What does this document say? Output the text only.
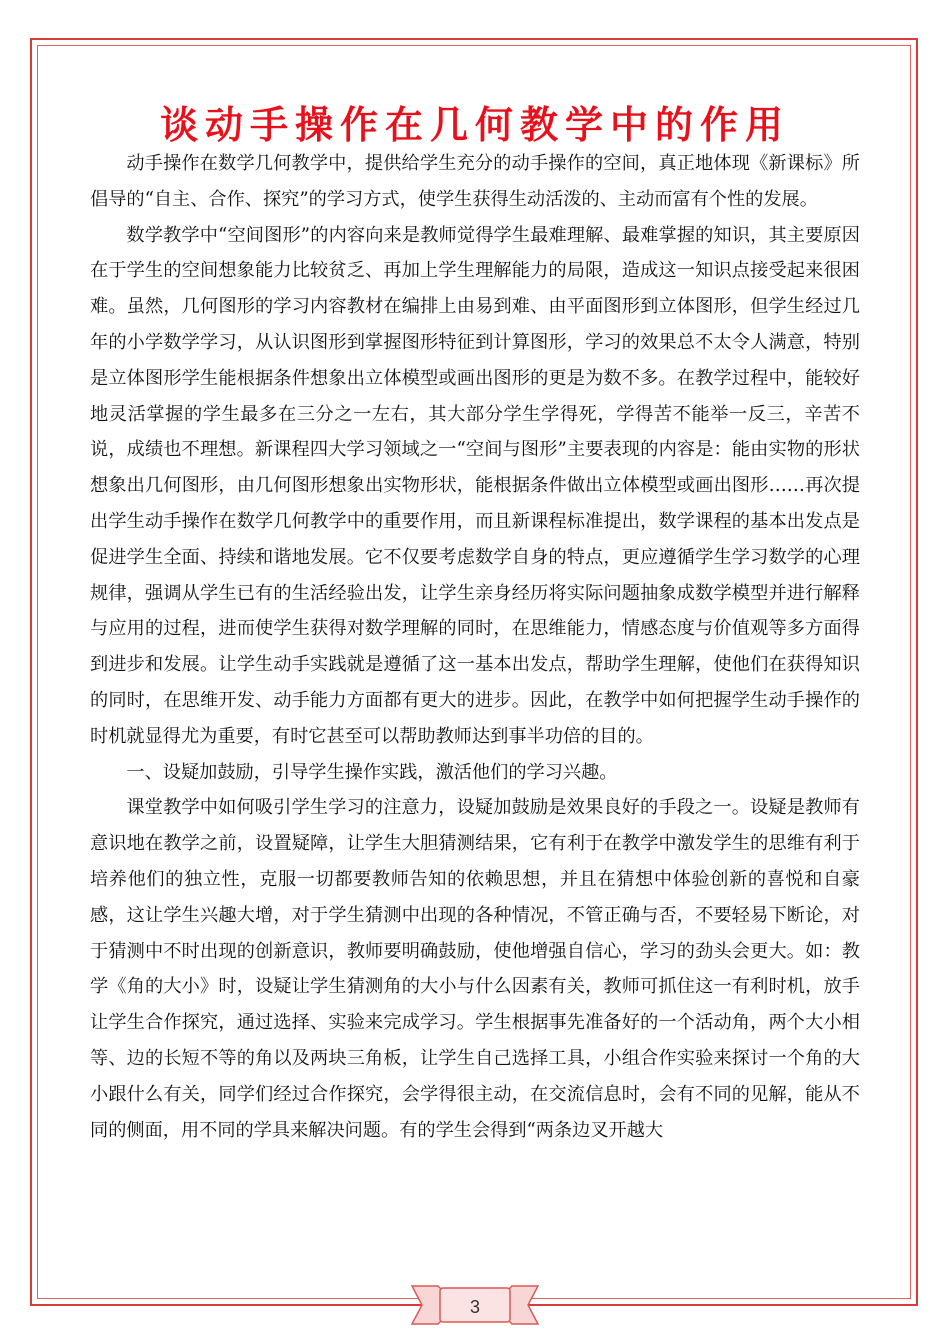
谈动手操作在几何教学中的作用

动手操作在数学几何教学中，提供给学生充分的动手操作的空间，真正地体现《新课标》所倡导的“自主、合作、探究”的学习方式，使学生获得生动活泼的、主动而富有个性的发展。

数学教学中“空间图形”的内容向来是教师觉得学生最难理解、最难掌握的知识，其主要原因在于学生的空间想象能力比较贫乏、再加上学生理解能力的局限，造成这一知识点接受起来很困难。虽然，几何图形的学习内容教材在编排上由易到难、由平面图形到立体图形，但学生经过几年的小学数学学习，从认识图形到掌握图形特征到计算图形，学习的效果总不太令人满意，特别是立体图形学生能根据条件想象出立体模型或画出图形的更是为数不多。在教学过程中，能较好地灵活掌握的学生最多在三分之一左右，其大部分学生学得死，学得苦不能举一反三，辛苦不说，成绩也不理想。新课程四大学习领域之一“空间与图形”主要表现的内容是：能由实物的形状想象出几何图形，由几何图形想象出实物形状，能根据条件做出立体模型或画出图形……再次提出学生动手操作在数学几何教学中的重要作用，而且新课程标准提出，数学课程的基本出发点是促进学生全面、持续和谐地发展。它不仅要考虑数学自身的特点，更应遵循学生学习数学的心理规律，强调从学生已有的生活经验出发，让学生亲身经历将实际问题抽象成数学模型并进行解释与应用的过程，进而使学生获得对数学理解的同时，在思维能力，情感态度与价值观等多方面得到进步和发展。让学生动手实践就是遵循了这一基本出发点，帮助学生理解，使他们在获得知识的同时，在思维开发、动手能力方面都有更大的进步。因此，在教学中如何把握学生动手操作的时机就显得尤为重要，有时它甚至可以帮助教师达到事半功倍的目的。

一、设疑加鼓励，引导学生操作实践，激活他们的学习兴趣。

课堂教学中如何吸引学生学习的注意力，设疑加鼓励是效果良好的手段之一。设疑是教师有意识地在教学之前，设置疑障，让学生大胆猜测结果，它有利于在教学中激发学生的思维有利于培养他们的独立性，克服一切都要教师告知的依赖思想，并且在猜想中体验创新的喜悦和自豪感，这让学生兴趣大增，对于学生猜测中出现的各种情况，不管正确与否，不要轻易下断论，对于猜测中不时出现的创新意识，教师要明确鼓励，使他增强自信心，学习的劲头会更大。如：教学《角的大小》时，设疑让学生猜测角的大小与什么因素有关，教师可抓住这一有利时机，放手让学生合作探究，通过选择、实验来完成学习。学生根据事先准备好的一个活动角，两个大小相等、边的长短不等的角以及两块三角板，让学生自己选择工具，小组合作实验来探讨一个角的大小跟什么有关，同学们经过合作探究，会学得很主动，在交流信息时，会有不同的见解，能从不同的侧面，用不同的学具来解决问题。有的学生会得到“两条边叉开越大

3
